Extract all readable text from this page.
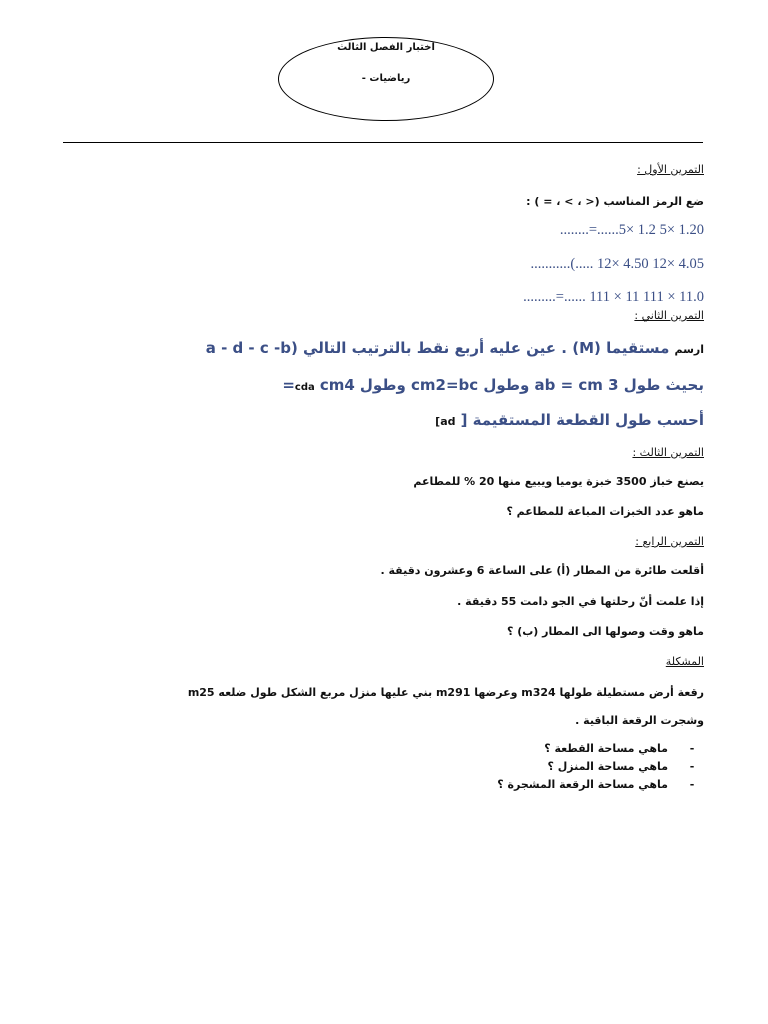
اختبار الفصل الثالث
رياضيات -
التمرين الأول :
ضع الرمز المناسب (< ، > ، = ) :
........=......5× 1.2 5× 1.20
...........(..... 12× 4.50 12× 4.05
.........=...... 111 × 11 111 × 11.0
التمرين الثاني :
ارسم مستقيما (M) . عين عليه أربع نقط بالترتيب التالي (a - d - c -b
بحيث طول ab = cm 3 وطول cm2=bc وطول cda cm4=
أحسب طول القطعة المستقيمة [ ad]
التمرين الثالث :
يصنع خباز 3500 خبزة يوميا ويبيع منها 20 % للمطاعم
ماهو عدد الخبزات المباعة للمطاعم ؟
التمرين الرابع :
أقلعت طائرة من المطار (أ) على الساعة 6 وعشرون دقيقة .
إذا علمت أنّ رحلتها في الجو دامت 55 دقيقة .
ماهو وقت وصولها الى المطار (ب) ؟
المشكلة
رقعة أرض مستطيلة طولها m324 وعرضها m291 بني عليها منزل مربع الشكل طول ضلعه m25
وشجرت الرقعة الباقية .
-ماهي مساحة القطعة ؟
-ماهي مساحة المنزل ؟
-ماهي مساحة الرقعة المشجرة ؟
